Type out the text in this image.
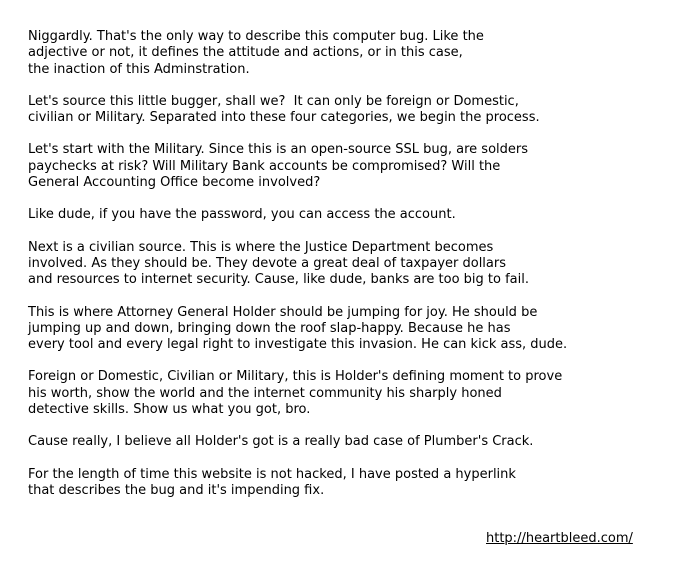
Niggardly. That's the only way to describe this computer bug. Like the
adjective or not, it defines the attitude and actions, or in this case,
the inaction of this Adminstration.

Let's source this little bugger, shall we?  It can only be foreign or Domestic,
civilian or Military. Separated into these four categories, we begin the process.

Let's start with the Military. Since this is an open-source SSL bug, are solders
paychecks at risk? Will Military Bank accounts be compromised? Will the
General Accounting Office become involved?

Like dude, if you have the password, you can access the account.

Next is a civilian source. This is where the Justice Department becomes
involved. As they should be. They devote a great deal of taxpayer dollars
and resources to internet security. Cause, like dude, banks are too big to fail.

This is where Attorney General Holder should be jumping for joy. He should be
jumping up and down, bringing down the roof slap-happy. Because he has
every tool and every legal right to investigate this invasion. He can kick ass, dude.

Foreign or Domestic, Civilian or Military, this is Holder's defining moment to prove
his worth, show the world and the internet community his sharply honed
detective skills. Show us what you got, bro.

Cause really, I believe all Holder's got is a really bad case of Plumber's Crack.

For the length of time this website is not hacked, I have posted a hyperlink
that describes the bug and it's impending fix.

http://heartbleed.com/
